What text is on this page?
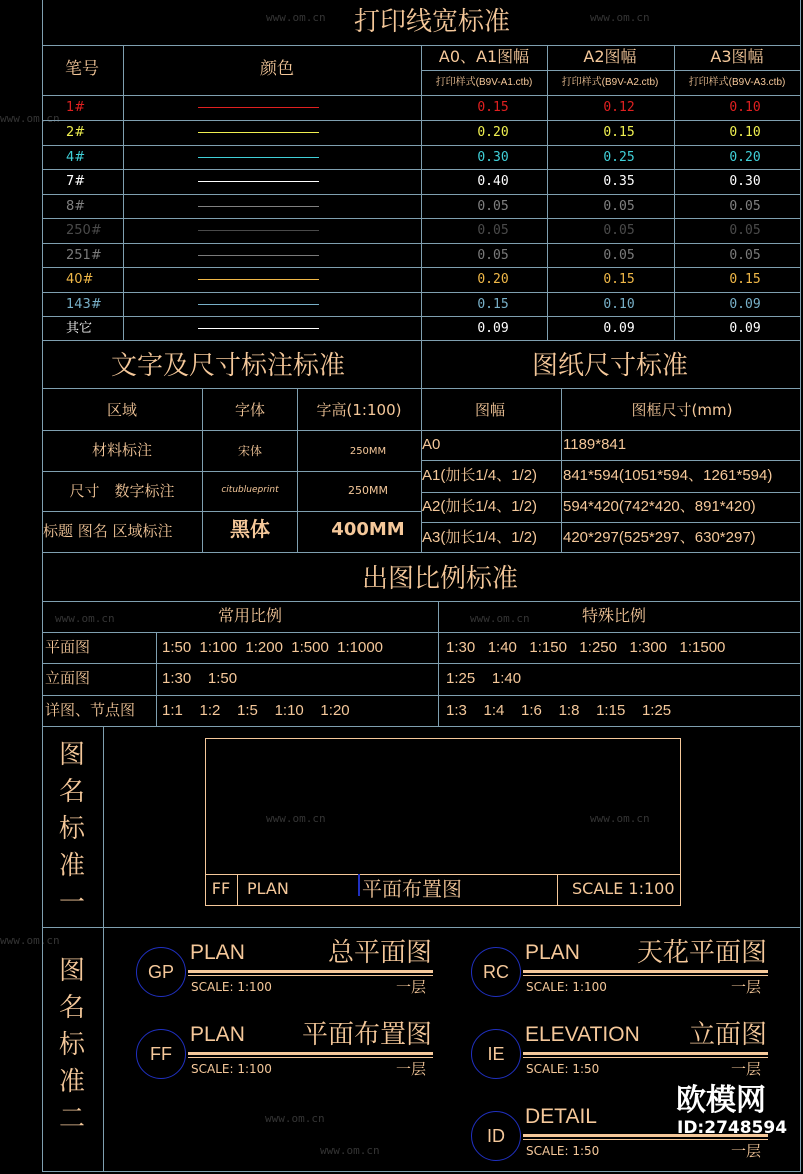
打印线宽标准
笔号	颜色
A0、A1图幅	A2图幅	A3图幅
打印样式(B9V-A1.ctb)	打印样式(B9V-A2.ctb)	打印样式(B9V-A3.ctb)
1#	0.15	0.12	0.10
2#	0.20	0.15	0.10
4#	0.30	0.25	0.20
7#	0.40	0.35	0.30
8#	0.05	0.05	0.05
250#	0.05	0.05	0.05
251#	0.05	0.05	0.05
40#	0.20	0.15	0.15
143#	0.15	0.10	0.09
其它	0.09	0.09	0.09
文字及尺寸标注标准	图纸尺寸标准
区域	字体	字高(1:100)
材料标注	宋体	250MM
尺寸　数字标注	citublueprint	250MM
标题 图名 区域标注	黑体	400MM
图幅	图框尺寸(mm)
A0	1189*841
A1(加长1/4、1/2) 841*594(1051*594、1261*594)
A2(加长1/4、1/2) 594*420(742*420、891*420)
A3(加长1/4、1/2) 420*297(525*297、630*297)
出图比例标准
常用比例	特殊比例
平面图	1:50  1:100  1:200  1:500  1:1000	1:30   1:40   1:150   1:250   1:300   1:1500
立面图	1:30    1:50	1:25    1:40
详图、节点图 1:1    1:2    1:5    1:10    1:20	1:3    1:4    1:6    1:8    1:15    1:25
图
名
标
准
一	FF PLAN	平面布置图	SCALE 1:100
图
名
标
准
二
GP
PLAN	总平面图
SCALE: 1:100	一层
RC
PLAN	天花平面图
SCALE: 1:100	一层
FF
PLAN	平面布置图
SCALE: 1:100	一层
IE
ELEVATION	立面图
SCALE: 1:50	一层
ID
DETAIL
SCALE: 1:50	一层
www.om.cn	www.om.cn
www.om.cn	www.om.cn
www.om.cn	www.om.cn
www.om.cn
www.om.cn
www.om.cn
www.om.cn
欧模网
ID:2748594
